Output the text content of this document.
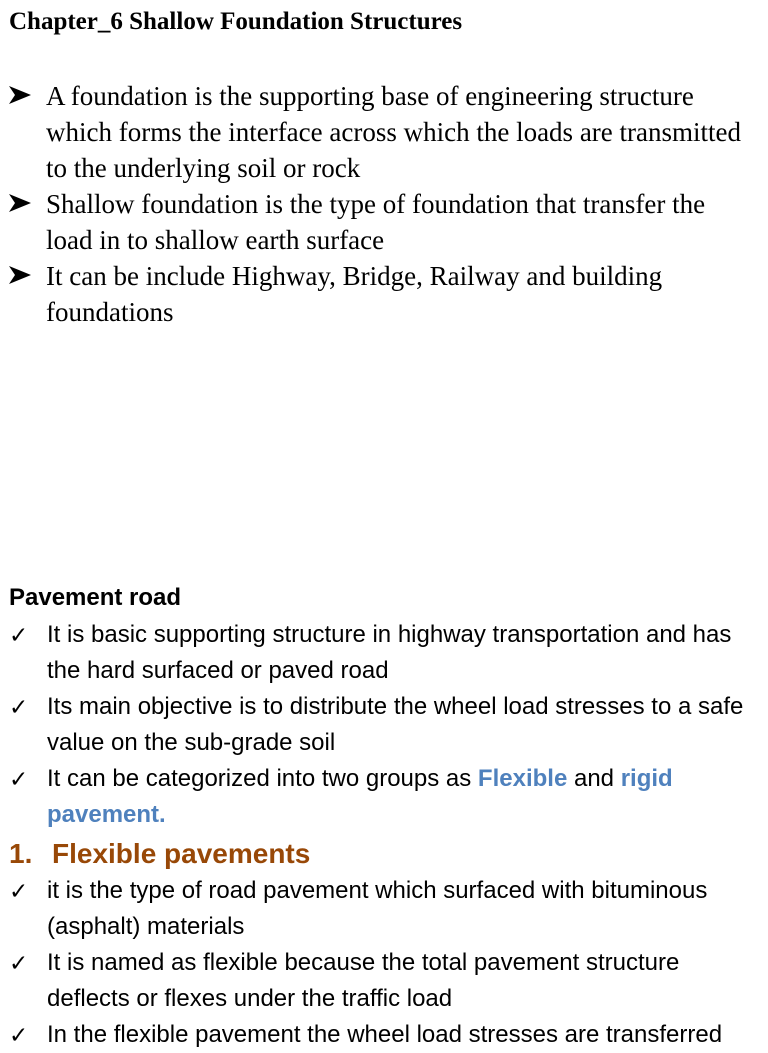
Chapter_6 Shallow Foundation Structures
A foundation is the supporting base of engineering structure which forms the interface across which the loads are transmitted to the underlying soil or rock
Shallow foundation is the type of foundation that transfer the load in to shallow earth surface
It can be include Highway, Bridge, Railway and building foundations
Pavement road
✓ It is basic supporting structure in highway transportation and has the hard surfaced or paved road
✓ Its main objective is to distribute the wheel load stresses to a safe value on the sub-grade soil
✓ It can be categorized into two groups as Flexible and rigid pavement.
1. Flexible pavements
✓ it is the type of road pavement which surfaced with bituminous (asphalt) materials
✓ It is named as flexible because the total pavement structure deflects or flexes under the traffic load
✓ In the flexible pavement the wheel load stresses are transferred
